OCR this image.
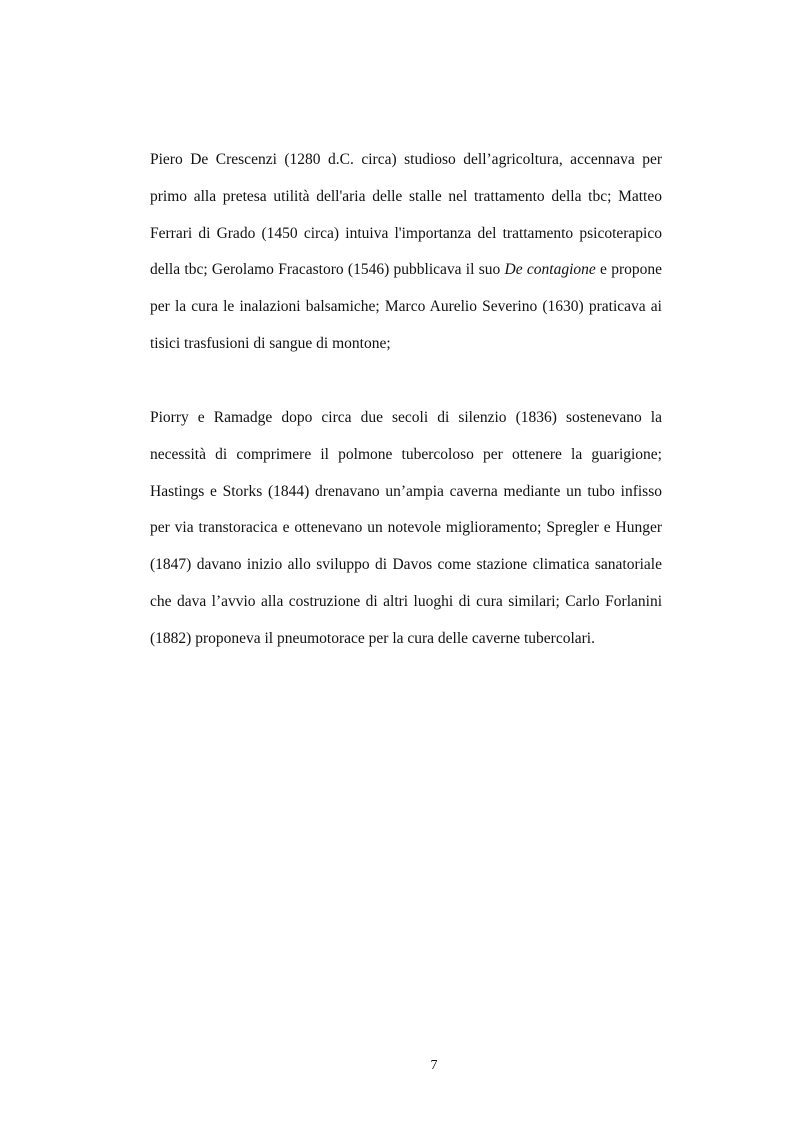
Piero De Crescenzi (1280 d.C. circa) studioso dell’agricoltura, accennava per primo alla pretesa utilità dell'aria delle stalle nel trattamento della tbc; Matteo Ferrari di Grado (1450 circa) intuiva l'importanza del trattamento psicoterapico della tbc; Gerolamo Fracastoro (1546) pubblicava il suo De contagione e propone per la cura le inalazioni balsamiche; Marco Aurelio Severino (1630) praticava ai tisici trasfusioni di sangue di montone;

Piorry e Ramadge dopo circa due secoli di silenzio (1836) sostenevano la necessità di comprimere il polmone tubercoloso per ottenere la guarigione; Hastings e Storks (1844) drenavano un’ampia caverna mediante un tubo infisso per via transtoracica e ottenevano un notevole miglioramento; Spregler e Hunger (1847) davano inizio allo sviluppo di Davos come stazione climatica sanatoriale che dava l’avvio alla costruzione di altri luoghi di cura similari; Carlo Forlanini (1882) proponeva il pneumotorace per la cura delle caverne tubercolari.

7
